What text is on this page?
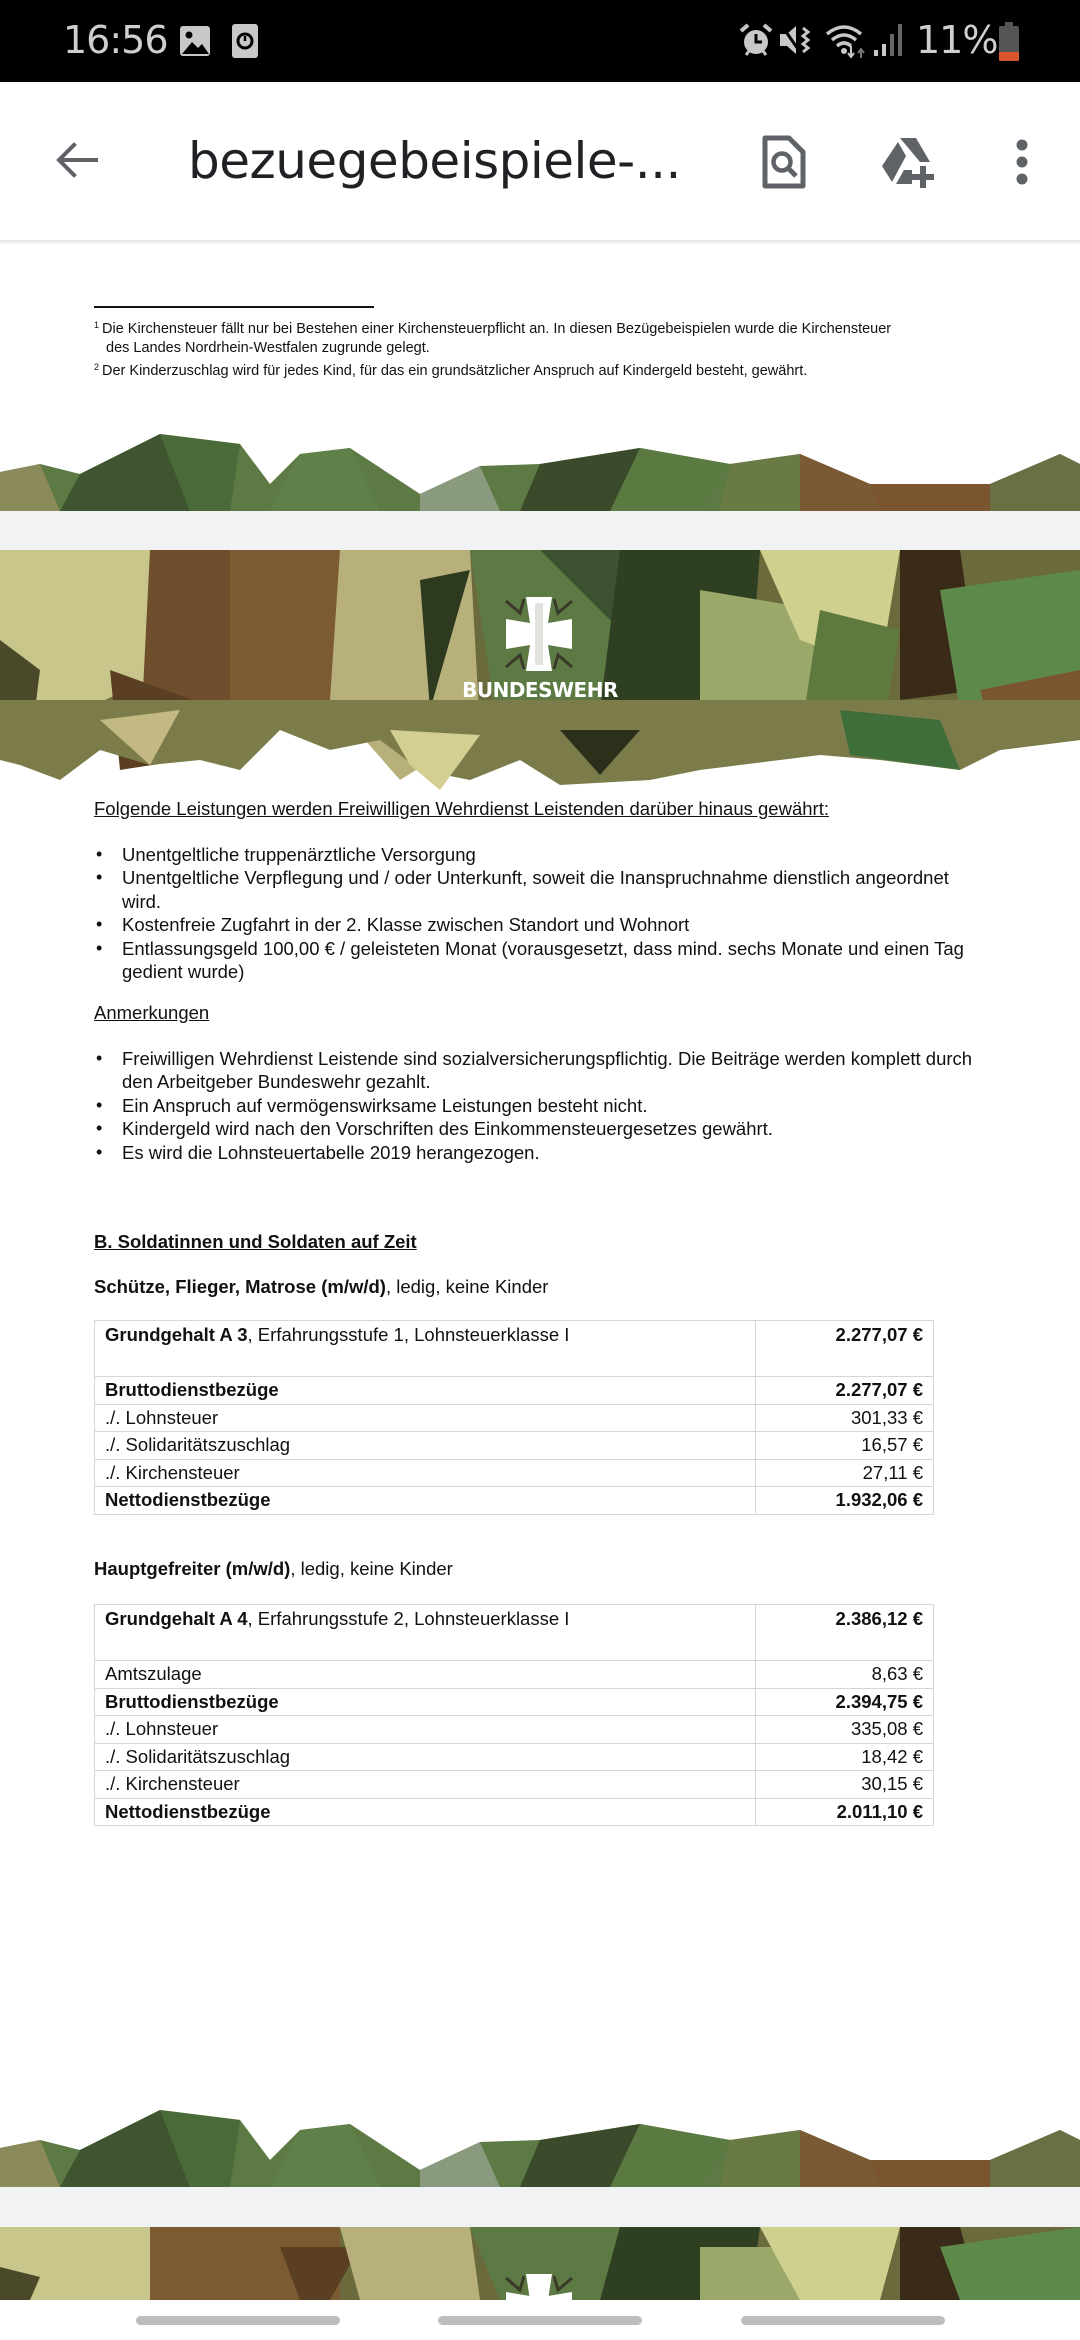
16:56	11%
bezuegebeispiele-...
$^1$ Die Kirchensteuer fällt nur bei Bestehen einer Kirchensteuerpflicht an. In diesen Bezügebeispielen wurde die Kirchensteuer
des Landes Nordrhein-Westfalen zugrunde gelegt.
$^2$ Der Kinderzuschlag wird für jedes Kind, für das ein grundsätzlicher Anspruch auf Kindergeld besteht, gewährt.
BUNDESWEHR
Folgende Leistungen werden Freiwilligen Wehrdienst Leistenden darüber hinaus gewährt:
• Unentgeltliche truppenärztliche Versorgung
• Unentgeltliche Verpflegung und / oder Unterkunft, soweit die Inanspruchnahme dienstlich angeordnet wird.
• Kostenfreie Zugfahrt in der 2. Klasse zwischen Standort und Wohnort
• Entlassungsgeld 100,00 € / geleisteten Monat (vorausgesetzt, dass mind. sechs Monate und einen Tag gedient wurde)
Anmerkungen
• Freiwilligen Wehrdienst Leistende sind sozialversicherungspflichtig. Die Beiträge werden komplett durch den Arbeitgeber Bundeswehr gezahlt.
• Ein Anspruch auf vermögenswirksame Leistungen besteht nicht.
• Kindergeld wird nach den Vorschriften des Einkommensteuergesetzes gewährt.
• Es wird die Lohnsteuertabelle 2019 herangezogen.
B. Soldatinnen und Soldaten auf Zeit
Schütze, Flieger, Matrose (m/w/d), ledig, keine Kinder
Grundgehalt A 3, Erfahrungsstufe 1, Lohnsteuerklasse I	2.277,07 €
Bruttodienstbezüge	2.277,07 €
./. Lohnsteuer	301,33 €
./. Solidaritätszuschlag	16,57 €
./. Kirchensteuer	27,11 €
Nettodienstbezüge	1.932,06 €
Hauptgefreiter (m/w/d), ledig, keine Kinder
Grundgehalt A 4, Erfahrungsstufe 2, Lohnsteuerklasse I	2.386,12 €
Amtszulage	8,63 €
Bruttodienstbezüge	2.394,75 €
./. Lohnsteuer	335,08 €
./. Solidaritätszuschlag	18,42 €
./. Kirchensteuer	30,15 €
Nettodienstbezüge	2.011,10 €
